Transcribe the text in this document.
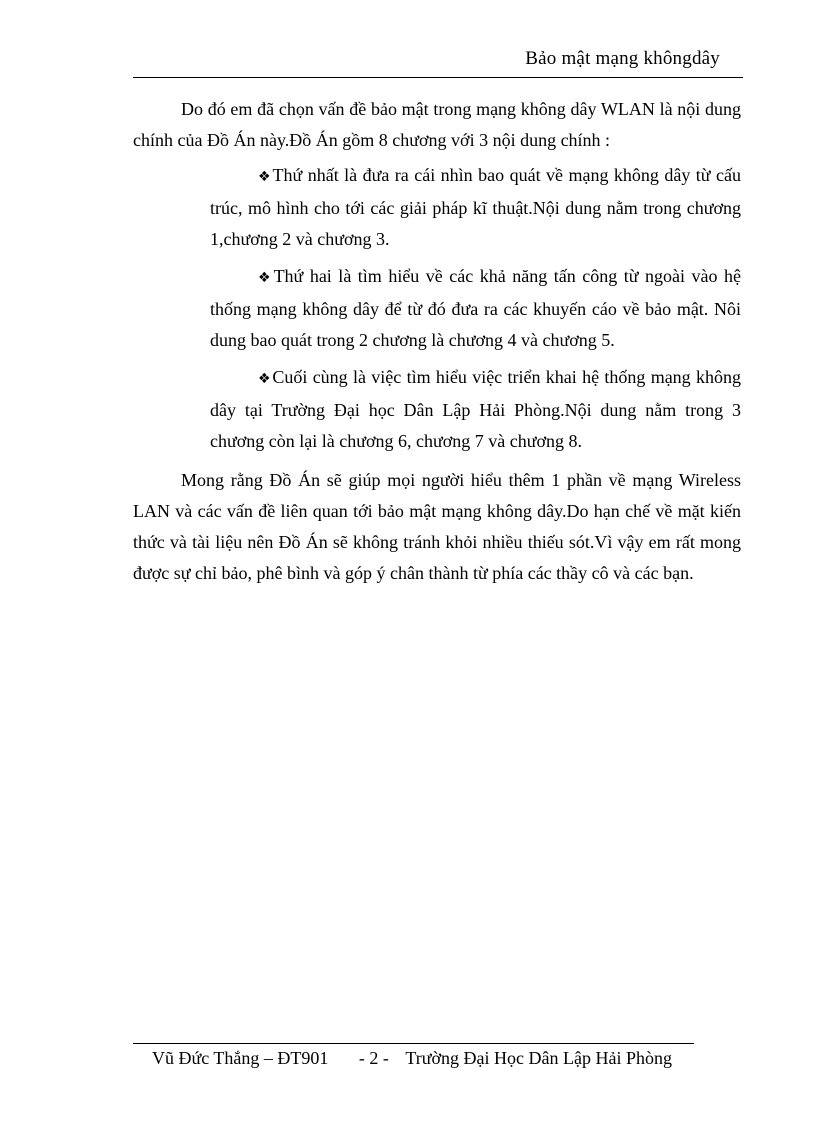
Bảo mật mạng khôngdây

Do đó em đã chọn vấn đề bảo mật trong mạng không dây WLAN là nội dung chính của Đồ Án này.Đồ Án gồm 8 chương với 3 nội dung chính :

❖Thứ nhất là đưa ra cái nhìn bao quát về mạng không dây từ cấu trúc, mô hình cho tới các giải pháp kĩ thuật.Nội dung nằm trong chương 1,chương 2 và chương 3.
❖Thứ hai là tìm hiểu về các khả năng tấn công từ ngoài vào hệ thống mạng không dây để từ đó đưa ra các khuyến cáo về bảo mật. Nôi dung bao quát trong 2 chương là chương 4 và chương 5.
❖Cuối cùng là việc tìm hiểu việc triển khai hệ thống mạng không dây tại Trường Đại học Dân Lập Hải Phòng.Nội dung nằm trong 3 chương còn lại là chương 6, chương 7 và chương 8.

Mong rằng Đồ Án sẽ giúp mọi người hiểu thêm 1 phần về mạng Wireless LAN và các vấn đề liên quan tới bảo mật mạng không dây.Do hạn chế về mặt kiến thức và tài liệu nên Đồ Án sẽ không tránh khỏi nhiều thiếu sót.Vì vậy em rất mong được sự chỉ bảo, phê bình và góp ý chân thành từ phía các thầy cô và các bạn.

Vũ Đức Thắng – ĐT901 - 2 - Trường Đại Học Dân Lập Hải Phòng
